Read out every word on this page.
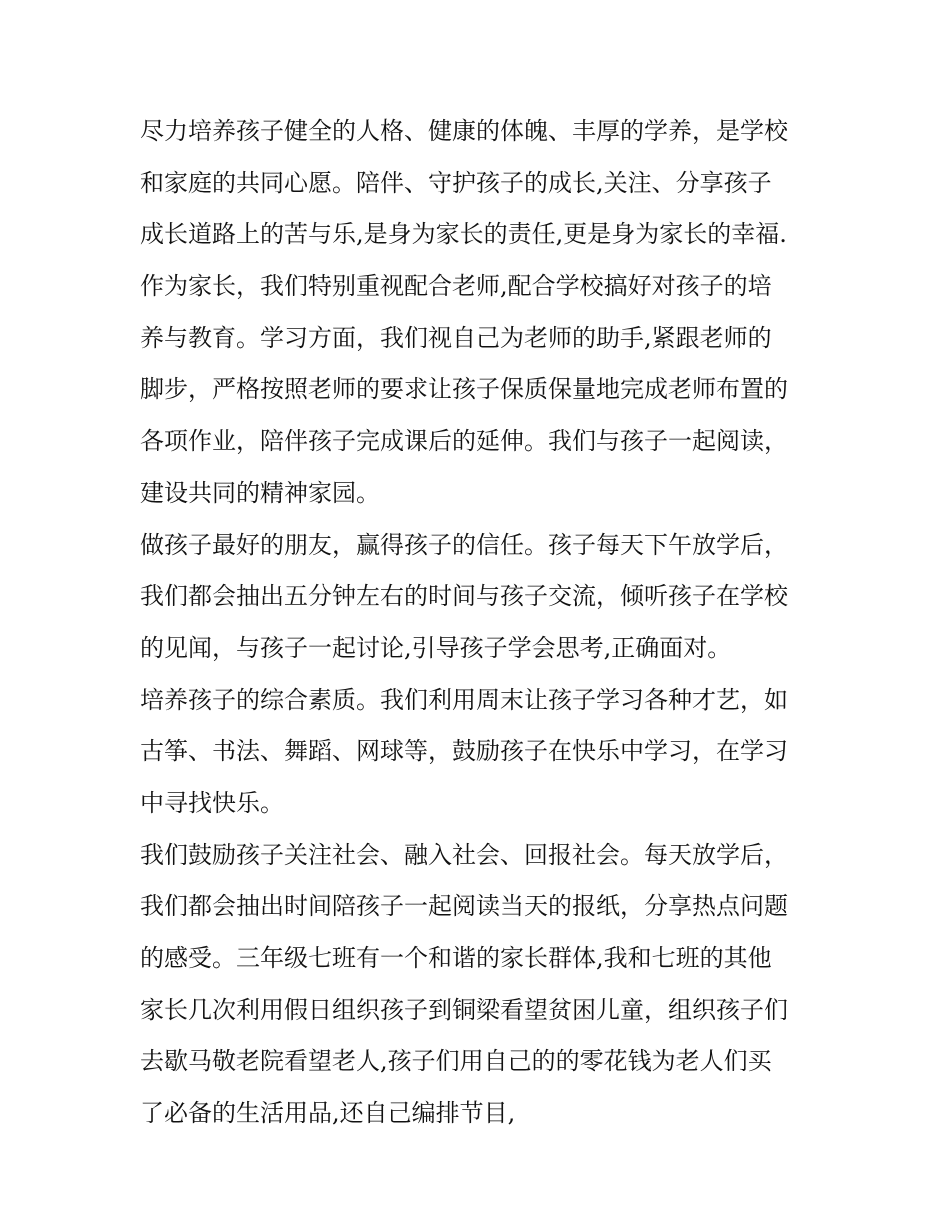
尽力培养孩子健全的人格、健康的体魄、丰厚的学养，是学校
和家庭的共同心愿。陪伴、守护孩子的成长,关注、分享孩子
成长道路上的苦与乐,是身为家长的责任,更是身为家长的幸福.
作为家长，我们特别重视配合老师,配合学校搞好对孩子的培
养与教育。学习方面，我们视自己为老师的助手,紧跟老师的
脚步，严格按照老师的要求让孩子保质保量地完成老师布置的
各项作业，陪伴孩子完成课后的延伸。我们与孩子一起阅读，
建设共同的精神家园。
做孩子最好的朋友，赢得孩子的信任。孩子每天下午放学后，
我们都会抽出五分钟左右的时间与孩子交流，倾听孩子在学校
的见闻，与孩子一起讨论,引导孩子学会思考,正确面对。
培养孩子的综合素质。我们利用周末让孩子学习各种才艺，如
古筝、书法、舞蹈、网球等，鼓励孩子在快乐中学习，在学习
中寻找快乐。
我们鼓励孩子关注社会、融入社会、回报社会。每天放学后，
我们都会抽出时间陪孩子一起阅读当天的报纸，分享热点问题
的感受。三年级七班有一个和谐的家长群体,我和七班的其他
家长几次利用假日组织孩子到铜梁看望贫困儿童，组织孩子们
去歇马敬老院看望老人,孩子们用自己的的零花钱为老人们买
了必备的生活用品,还自己编排节目,
